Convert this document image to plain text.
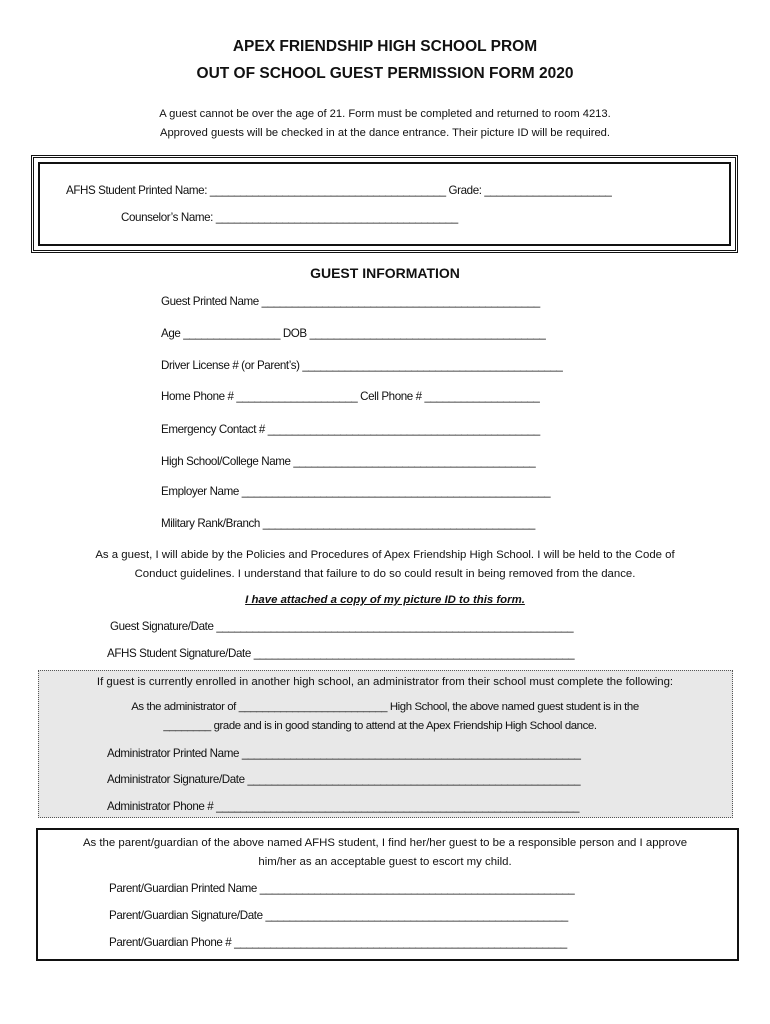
APEX FRIENDSHIP HIGH SCHOOL PROM
OUT OF SCHOOL GUEST PERMISSION FORM 2020
A guest cannot be over the age of 21. Form must be completed and returned to room 4213.
Approved guests will be checked in at the dance entrance. Their picture ID will be required.
AFHS Student Printed Name: _______________________________________ Grade: _____________________
Counselor’s Name: ________________________________________
GUEST INFORMATION
Guest Printed Name ______________________________________________
Age ________________ DOB _______________________________________
Driver License # (or Parent’s) ___________________________________________
Home Phone # ____________________ Cell Phone # ___________________
Emergency Contact # _____________________________________________
High School/College Name ________________________________________
Employer Name ___________________________________________________
Military Rank/Branch _____________________________________________
As a guest, I will abide by the Policies and Procedures of Apex Friendship High School. I will be held to the Code of
Conduct guidelines. I understand that failure to do so could result in being removed from the dance.
I have attached a copy of my picture ID to this form.
Guest Signature/Date ___________________________________________________________
AFHS Student Signature/Date _____________________________________________________
If guest is currently enrolled in another high school, an administrator from their school must complete the following:
As the administrator of _________________________ High School, the above named guest student is in the
________ grade and is in good standing to attend at the Apex Friendship High School dance.
Administrator Printed Name ________________________________________________________
Administrator Signature/Date _______________________________________________________
Administrator Phone # ____________________________________________________________
As the parent/guardian of the above named AFHS student, I find her/her guest to be a responsible person and I approve
him/her as an acceptable guest to escort my child.
Parent/Guardian Printed Name ____________________________________________________
Parent/Guardian Signature/Date __________________________________________________
Parent/Guardian Phone # _______________________________________________________
